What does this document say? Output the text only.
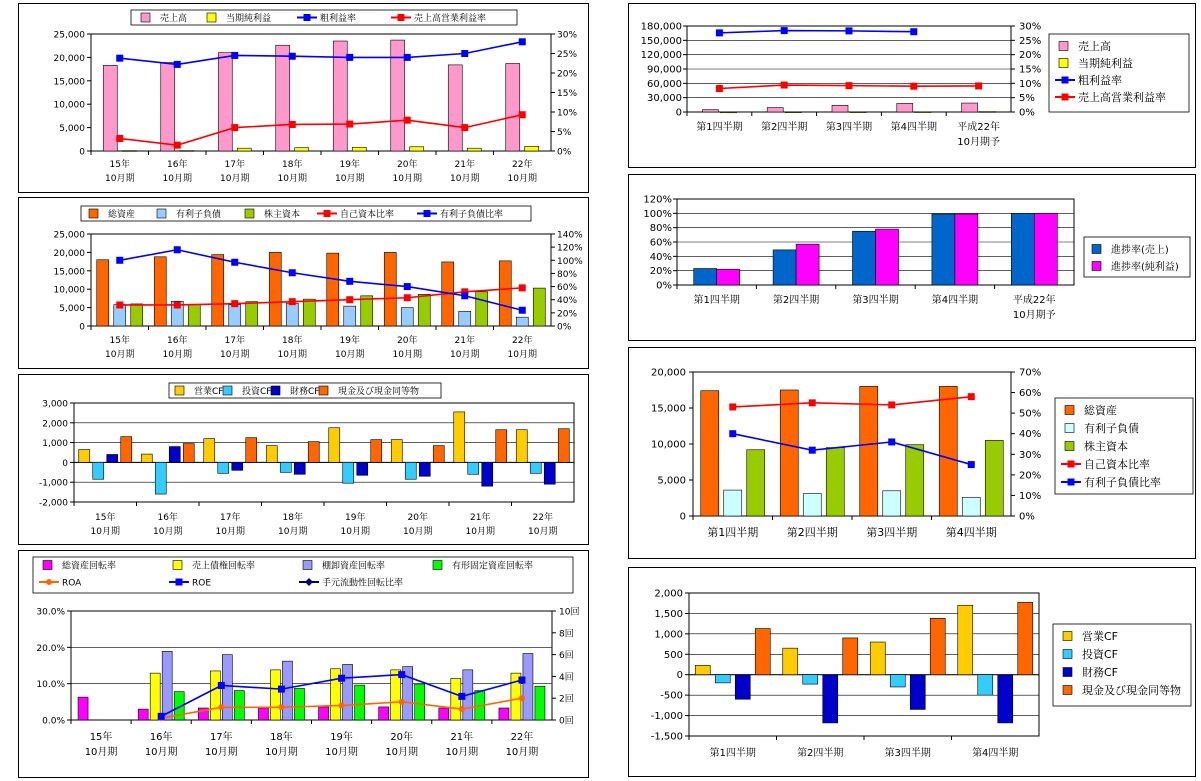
0
5,000
10,000
15,000
20,000
25,000
0%
5%
10%
15%
20%
25%
30%
15年
10月期
16年
10月期
17年
10月期
18年
10月期
19年
10月期
20年
10月期
21年
10月期
22年
10月期
売上高	当期純利益	粗利益率	売上高営業利益率
0
5,000
10,000
15,000
20,000
25,000
0%
20%
40%
60%
80%
100%
120%
140%
15年
10月期
16年
10月期
17年
10月期
18年
10月期
19年
10月期
20年
10月期
21年
10月期
22年
10月期
総資産	有利子負債	株主資本	自己資本比率	有利子負債比率
-2,000
-1,000
0
1,000
2,000
3,000
15年
10月期
16年
10月期
17年
10月期
18年
10月期
19年
10月期
20年
10月期
21年
10月期
22年
10月期
営業CF 投資CF 財務CF 現金及び現金同等物
0.0%
10.0%
20.0%
30.0%
0回
2回
4回
6回
8回
10回
15年
10月期
16年
10月期
17年
10月期
18年
10月期
19年
10月期
20年
10月期
21年
10月期
22年
10月期
総資産回転率	売上債権回転率	棚卸資産回転率	有形固定資産回転率
ROA	ROE	手元流動性回転比率
0
30,000
60,000
90,000
120,000
150,000
180,000
0%
5%
10%
15%
20%
25%
30%
第1四半期 第2四半期 第3四半期 第4四半期 平成22年
10月期予
売上高
当期純利益
粗利益率
売上高営業利益率
0%
20%
40%
60%
80%
100%
120%
第1四半期	第2四半期	第3四半期	第4四半期	平成22年
10月期予
進捗率(売上)
進捗率(純利益)
0
5,000
10,000
15,000
20,000
0%
10%
20%
30%
40%
50%
60%
70%
第1四半期	第2四半期	第3四半期	第4四半期
総資産
有利子負債
株主資本
自己資本比率
有利子負債比率
-1,500
-1,000
-500
0
500
1,000
1,500
2,000
第1四半期	第2四半期	第3四半期	第4四半期
営業CF
投資CF
財務CF
現金及び現金同等物
